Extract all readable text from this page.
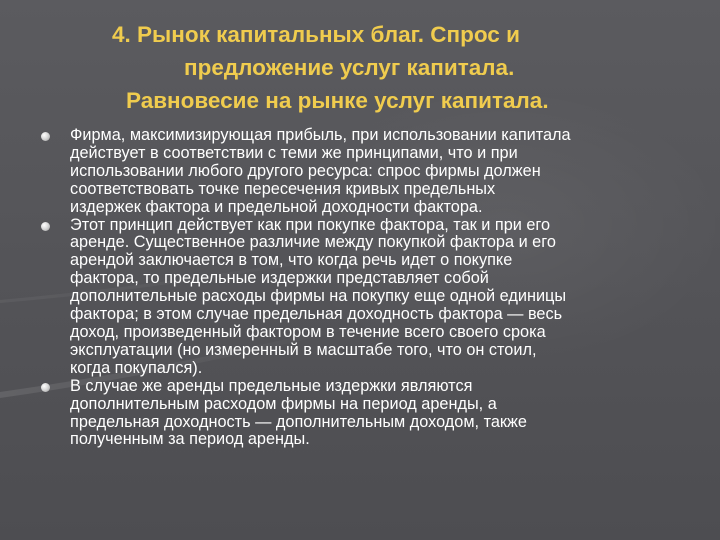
4. Рынок капитальных благ. Спрос и
предложение услуг капитала.
Равновесие на рынке услуг капитала.
Фирма, максимизирующая прибыль, при использовании капитала
действует в соответствии с теми же принципами, что и при
использовании любого другого ресурса: спрос фирмы должен
соответствовать точке пересечения кривых предельных
издержек фактора и предельной доходности фактора.
Этот принцип действует как при покупке фактора, так и при его
аренде. Существенное различие между покупкой фактора и его
арендой заключается в том, что когда речь идет о покупке
фактора, то предельные издержки представляет собой
дополнительные расходы фирмы на покупку еще одной единицы
фактора; в этом случае предельная доходность фактора — весь
доход, произведенный фактором в течение всего своего срока
эксплуатации (но измеренный в масштабе того, что он стоил,
когда покупался).
В случае же аренды предельные издержки являются
дополнительным расходом фирмы на период аренды, а
предельная доходность — дополнительным доходом, также
полученным за период аренды.
